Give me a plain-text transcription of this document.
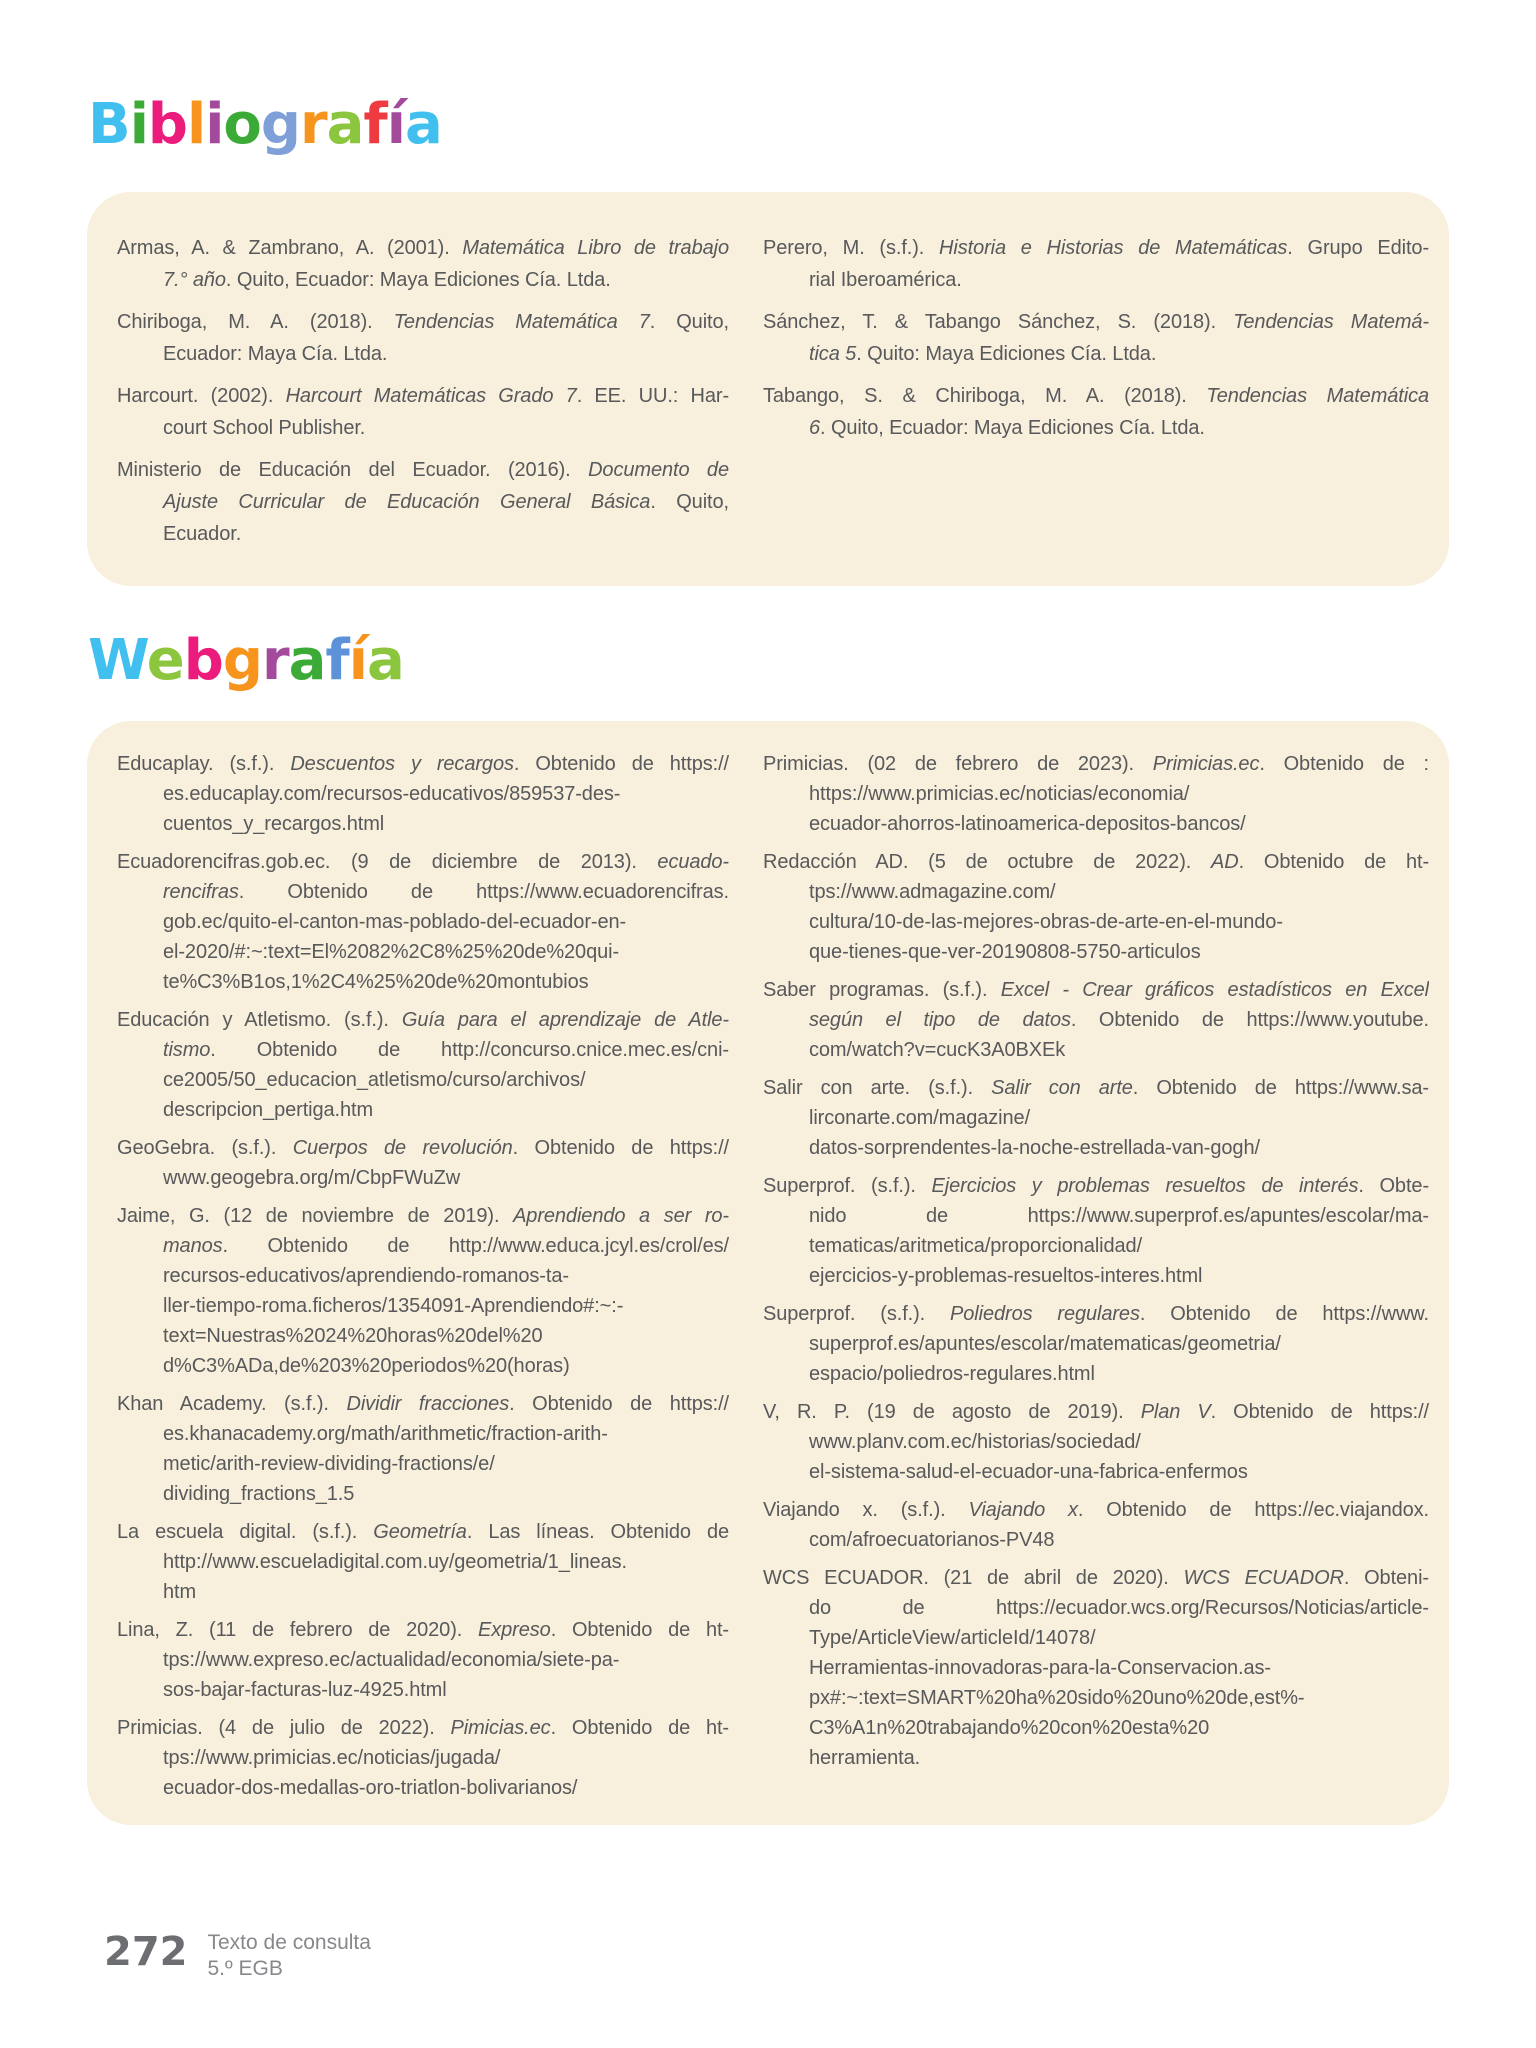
Bibliografía
Armas, A. & Zambrano, A. (2001). Matemática Libro de trabajo
7.° año. Quito, Ecuador: Maya Ediciones Cía. Ltda.
Chiriboga, M. A. (2018). Tendencias Matemática 7. Quito,
Ecuador: Maya Cía. Ltda.
Harcourt. (2002). Harcourt Matemáticas Grado 7. EE. UU.: Har-
court School Publisher.
Ministerio de Educación del Ecuador. (2016). Documento de
Ajuste Curricular de Educación General Básica. Quito,
Ecuador.
Perero, M. (s.f.). Historia e Historias de Matemáticas. Grupo Edito-
rial Iberoamérica.
Sánchez, T. & Tabango Sánchez, S. (2018). Tendencias Matemá-
tica 5. Quito: Maya Ediciones Cía. Ltda.
Tabango, S. & Chiriboga, M. A. (2018). Tendencias Matemática
6. Quito, Ecuador: Maya Ediciones Cía. Ltda.
Webgrafía
Educaplay. (s.f.). Descuentos y recargos. Obtenido de https://
es.educaplay.com/recursos-educativos/859537-des-
cuentos_y_recargos.html
Ecuadorencifras.gob.ec. (9 de diciembre de 2013). ecuado-
rencifras. Obtenido de https://www.ecuadorencifras.
gob.ec/quito-el-canton-mas-poblado-del-ecuador-en-
el-2020/#:~:text=El%2082%2C8%25%20de%20qui-
te%C3%B1os,1%2C4%25%20de%20montubios
Educación y Atletismo. (s.f.). Guía para el aprendizaje de Atle-
tismo. Obtenido de http://concurso.cnice.mec.es/cni-
ce2005/50_educacion_atletismo/curso/archivos/
descripcion_pertiga.htm
GeoGebra. (s.f.). Cuerpos de revolución. Obtenido de https://
www.geogebra.org/m/CbpFWuZw
Jaime, G. (12 de noviembre de 2019). Aprendiendo a ser ro-
manos. Obtenido de http://www.educa.jcyl.es/crol/es/
recursos-educativos/aprendiendo-romanos-ta-
ller-tiempo-roma.ficheros/1354091-Aprendiendo#:~:-
text=Nuestras%2024%20horas%20del%20
d%C3%ADa,de%203%20periodos%20(horas)
Khan Academy. (s.f.). Dividir fracciones. Obtenido de https://
es.khanacademy.org/math/arithmetic/fraction-arith-
metic/arith-review-dividing-fractions/e/
dividing_fractions_1.5
La escuela digital. (s.f.). Geometría. Las líneas. Obtenido de
http://www.escueladigital.com.uy/geometria/1_lineas.
htm
Lina, Z. (11 de febrero de 2020). Expreso. Obtenido de ht-
tps://www.expreso.ec/actualidad/economia/siete-pa-
sos-bajar-facturas-luz-4925.html
Primicias. (4 de julio de 2022). Pimicias.ec. Obtenido de ht-
tps://www.primicias.ec/noticias/jugada/
ecuador-dos-medallas-oro-triatlon-bolivarianos/
Primicias. (02 de febrero de 2023). Primicias.ec. Obtenido de :
https://www.primicias.ec/noticias/economia/
ecuador-ahorros-latinoamerica-depositos-bancos/
Redacción AD. (5 de octubre de 2022). AD. Obtenido de ht-
tps://www.admagazine.com/
cultura/10-de-las-mejores-obras-de-arte-en-el-mundo-
que-tienes-que-ver-20190808-5750-articulos
Saber programas. (s.f.). Excel - Crear gráficos estadísticos en Excel
según el tipo de datos. Obtenido de https://www.youtube.
com/watch?v=cucK3A0BXEk
Salir con arte. (s.f.). Salir con arte. Obtenido de https://www.sa-
lirconarte.com/magazine/
datos-sorprendentes-la-noche-estrellada-van-gogh/
Superprof. (s.f.). Ejercicios y problemas resueltos de interés. Obte-
nido de https://www.superprof.es/apuntes/escolar/ma-
tematicas/aritmetica/proporcionalidad/
ejercicios-y-problemas-resueltos-interes.html
Superprof. (s.f.). Poliedros regulares. Obtenido de https://www.
superprof.es/apuntes/escolar/matematicas/geometria/
espacio/poliedros-regulares.html
V, R. P. (19 de agosto de 2019). Plan V. Obtenido de https://
www.planv.com.ec/historias/sociedad/
el-sistema-salud-el-ecuador-una-fabrica-enfermos
Viajando x. (s.f.). Viajando x. Obtenido de https://ec.viajandox.
com/afroecuatorianos-PV48
WCS ECUADOR. (21 de abril de 2020). WCS ECUADOR. Obteni-
do de https://ecuador.wcs.org/Recursos/Noticias/article-
Type/ArticleView/articleId/14078/
Herramientas-innovadoras-para-la-Conservacion.as-
px#:~:text=SMART%20ha%20sido%20uno%20de,est%-
C3%A1n%20trabajando%20con%20esta%20
herramienta.
272 Texto de consulta
5.º EGB
